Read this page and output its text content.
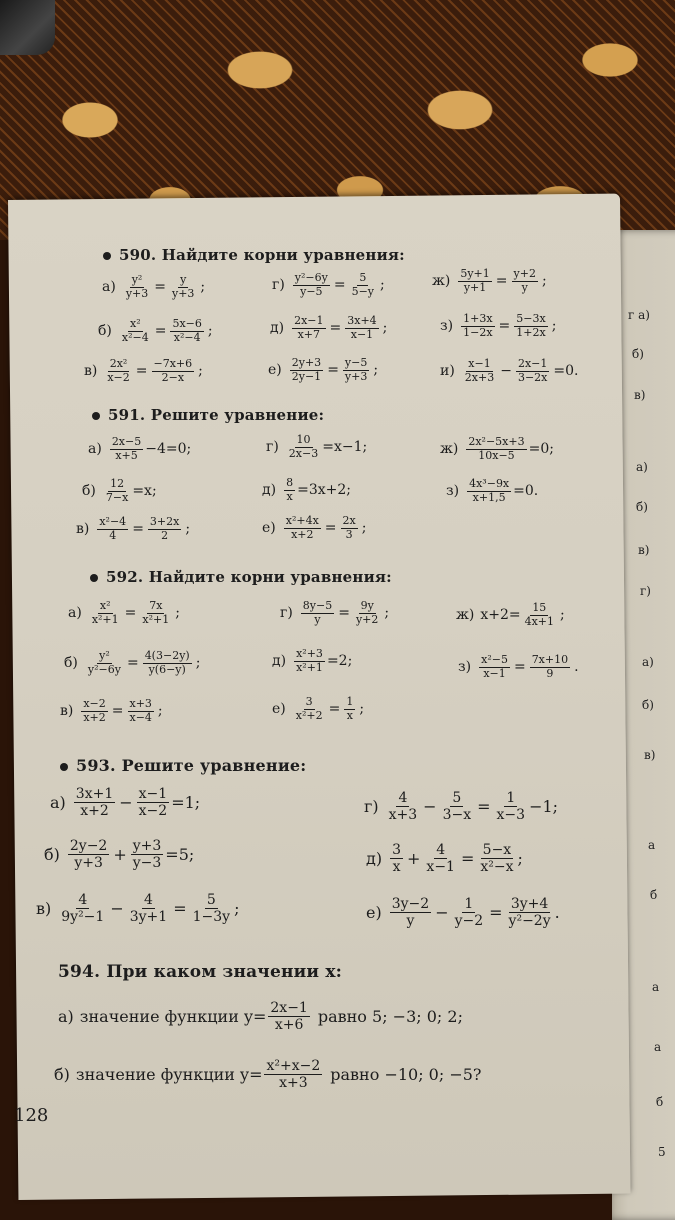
590. Найдите корни уравнения:
$а) \frac{\text{y²}}{y+3} = \frac{y}{y+3}$ ;	$г) \frac{\text{y²−6y}}{y-5} = \frac{5}{5-y}$ ;	$ж) \frac{5y+1}{y+1} = \frac{y+2}{y}$ ;
$б) \frac{\text{x²}}{\text{x²−4}} = \frac{5x-6}{\text{x²−4}}$ ;	$д) \frac{2x-1}{x+7} = \frac{3x+4}{x-1}$ ;	$з) \frac{1+3x}{1-2x} = \frac{5-3x}{1+2x}$ ;
$в) \frac{\text{2x²}}{x-2} = \frac{-7x+6}{2-x}$ ;	$е) \frac{2y+3}{2y-1} = \frac{y-5}{y+3}$ ;	$и) \frac{x-1}{2x+3} - \frac{2x-1}{3-2x} =0$.
591. Решите уравнение:
$а) \frac{2x-5}{x+5} -4=0$;	$г) \frac{10}{2x-3} =x-1$;	$ж) \frac{\text{2x²−5x+3}}{10x-5} =0$;
$б) \frac{12}{7-x} =x$;	$д) \frac{8}{x} =3x+2$;	$з) \frac{\text{4x³−9x}}{x+1,5} =0$.
$в) \frac{\text{x²−4}}{4} = \frac{3+2x}{2}$ ;	$е) \frac{\text{x²+4x}}{x+2} = \frac{2x}{3}$ ;
592. Найдите корни уравнения:
$а) \frac{\text{x²}}{\text{x²+1}} = \frac{7x}{\text{x²+1}}$ ;	$г) \frac{8y-5}{y} = \frac{9y}{y+2}$ ;	ж) $x+2= \frac{15}{4x+1}$ ;
$б) \frac{\text{y²}}{\text{y²−6y}} = \frac{4(3-2y)}{y(6-y)}$ ;	$д) \frac{\text{x²+3}}{\text{x²+1}} =2$;	$з) \frac{\text{x²−5}}{x-1} = \frac{7x+10}{9}$ .
$в) \frac{x-2}{x+2} = \frac{x+3}{x-4}$ ;	$е) \frac{3}{\text{x²+2}} = \frac{1}{x}$ ;
593. Решите уравнение:
$а) \frac{3x+1}{x+2} - \frac{x-1}{x-2} =1$;	$г) \frac{4}{x+3} - \frac{5}{3-x} = \frac{1}{x-3} -1$;
$б) \frac{2y-2}{y+3} + \frac{y+3}{y-3} =5$;	$д) \frac{3}{x} + \frac{4}{x-1} = \frac{5-x}{\text{x²−x}}$ ;
$в) \frac{4}{\text{9y²−1}} - \frac{4}{3y+1} = \frac{5}{1-3y}$ ;	$е) \frac{3y-2}{y} - \frac{1}{y-2} = \frac{3y+4}{\text{y²−2y}}$ .
594. При каком значении x:
а) значение функции $y= \frac{2x-1}{x+6}$ равно 5; −3; 0; 2;
б) значение функции $y= \frac{\text{x²+x−2}}{x+3}$ равно −10; 0; −5?
128
г а)
б)
в)
а)
б)
в)
г)
а)
б)
в)
а
б
а
а
б
5
